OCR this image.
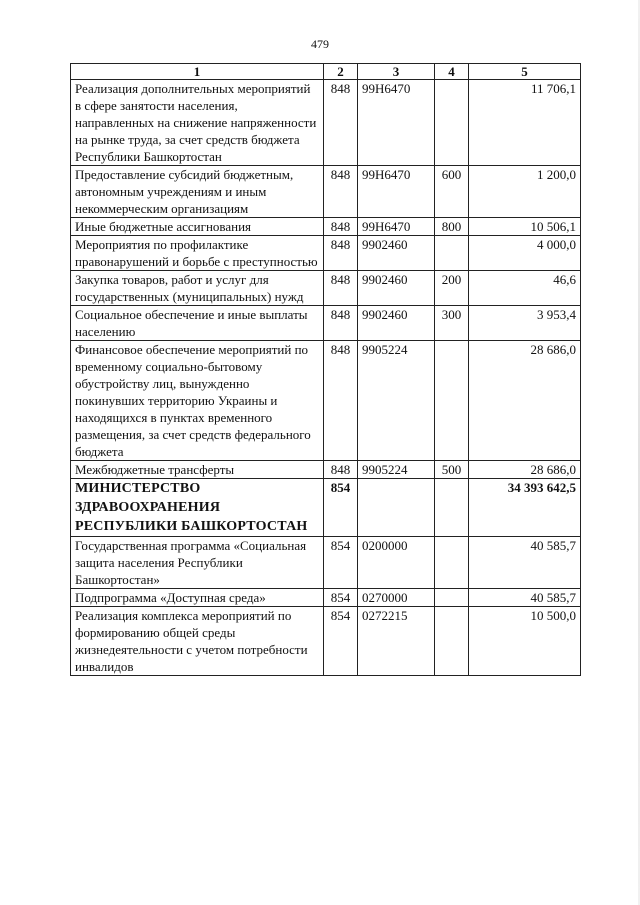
479
1	2	3	4	5
Реализация дополнительных мероприятий в сфере занятости населения, направленных на снижение напряженности на рынке труда, за счет средств бюджета Республики Башкортостан	848	99Н6470		11 706,1
Предоставление субсидий бюджетным, автономным учреждениям и иным некоммерческим организациям	848	99Н6470	600	1 200,0
Иные бюджетные ассигнования	848	99Н6470	800	10 506,1
Мероприятия по профилактике правонарушений и борьбе с преступностью	848	9902460		4 000,0
Закупка товаров, работ и услуг для государственных (муниципальных) нужд	848	9902460	200	46,6
Социальное обеспечение и иные выплаты населению	848	9902460	300	3 953,4
Финансовое обеспечение мероприятий по временному социально-бытовому обустройству лиц, вынужденно покинувших территорию Украины и находящихся в пунктах временного размещения, за счет средств федерального бюджета	848	9905224		28 686,0
Межбюджетные трансферты	848	9905224	500	28 686,0
МИНИСТЕРСТВО ЗДРАВООХРАНЕНИЯ РЕСПУБЛИКИ БАШКОРТОСТАН	854			34 393 642,5
Государственная программа «Социальная защита населения Республики Башкортостан»	854	0200000		40 585,7
Подпрограмма «Доступная среда»	854	0270000		40 585,7
Реализация комплекса мероприятий по формированию общей среды жизнедеятельности с учетом потребности инвалидов	854	0272215		10 500,0
